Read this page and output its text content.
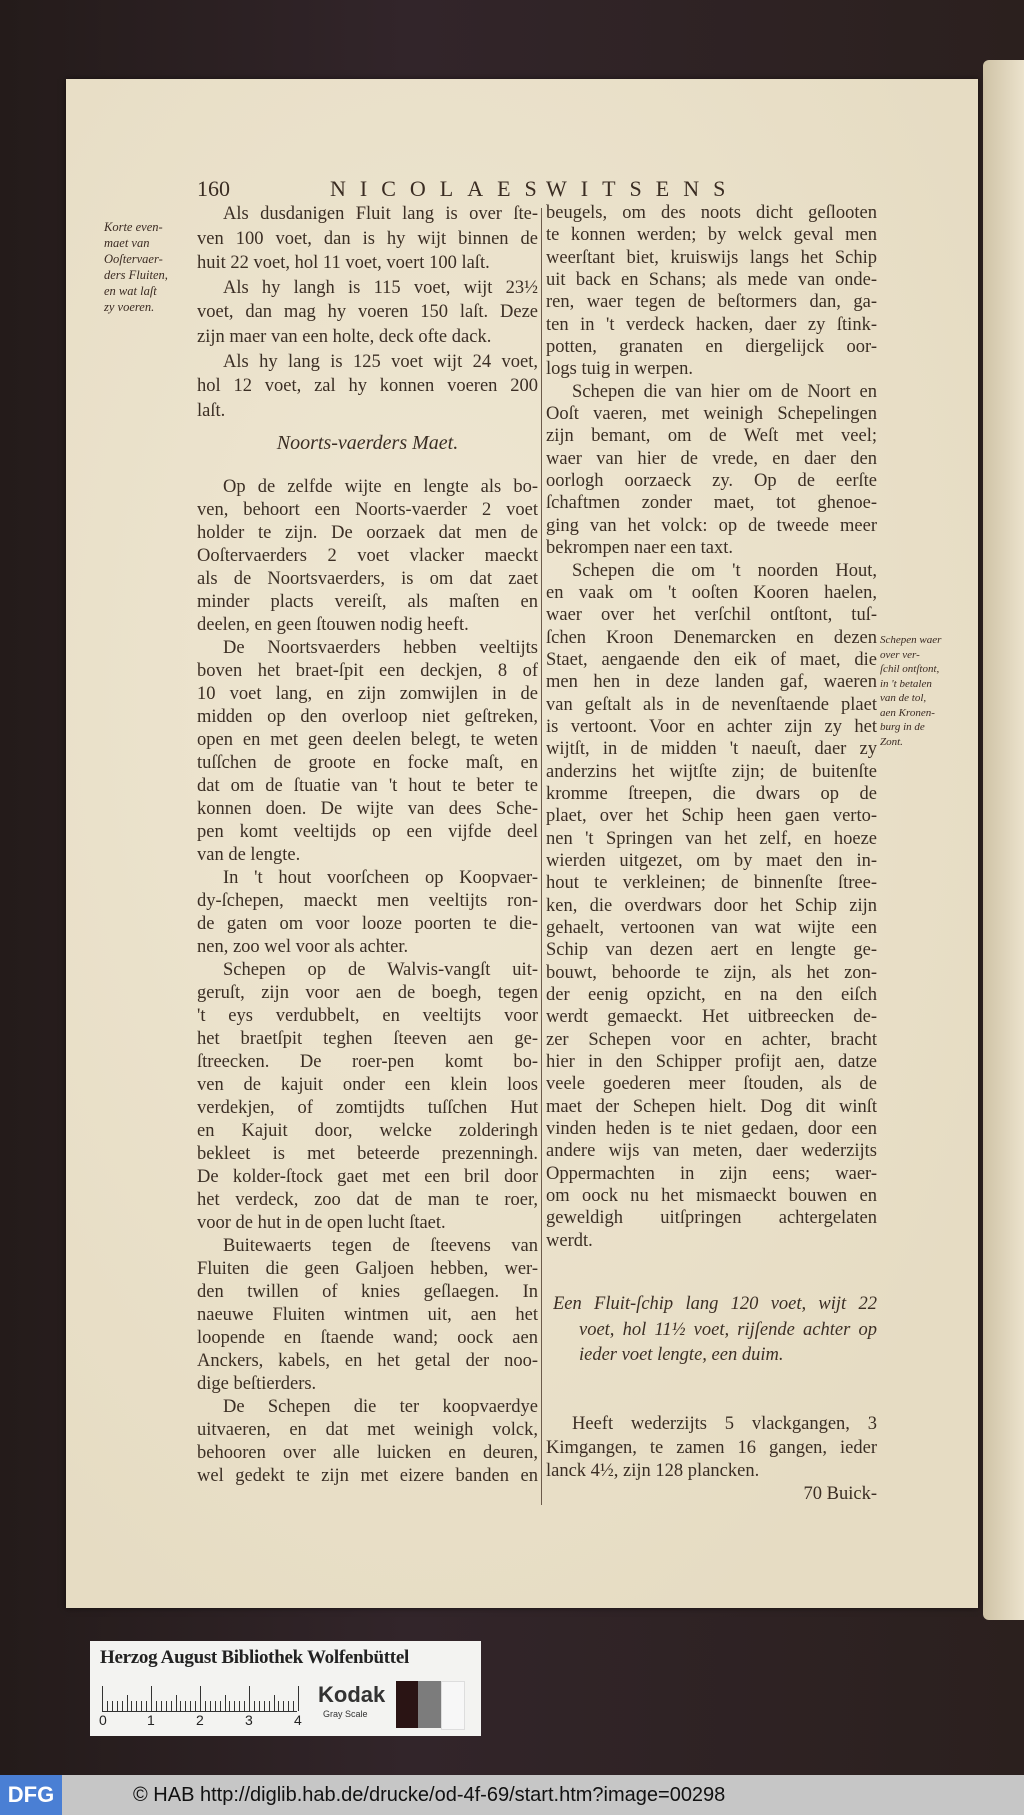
160	NICOLAES
WITSENS
Korte even-
maet van
Ooſtervaer-
ders Fluiten,
en wat laſt
zy voeren.
Schepen waer
over ver-
ſchil ontſtont,
in 't betalen
van de tol,
aen Kronen-
burg in de
Zont.
Als dusdanigen Fluit lang is over ſte-
ven 100 voet, dan is hy wijt binnen de
huit 22 voet, hol 11 voet, voert 100 laſt.
Als hy langh is 115 voet, wijt 23½
voet, dan mag hy voeren 150 laſt. Deze
zijn maer van een holte, deck ofte dack.
Als hy lang is 125 voet wijt 24 voet,
hol 12 voet, zal hy konnen voeren 200
laſt.
Noorts-vaerders Maet.
Op de zelfde wijte en lengte als bo-
ven, behoort een Noorts-vaerder 2 voet
holder te zijn. De oorzaek dat men de
Ooſtervaerders 2 voet vlacker maeckt
als de Noortsvaerders, is om dat zaet
minder placts vereiſt, als maſten en
deelen, en geen ſtouwen nodig heeft.
De Noortsvaerders hebben veeltijts
boven het braet-ſpit een deckjen, 8 of
10 voet lang, en zijn zomwijlen in de
midden op den overloop niet geſtreken,
open en met geen deelen belegt, te weten
tuſſchen de groote en focke maſt, en
dat om de ſtuatie van 't hout te beter te
konnen doen. De wijte van dees Sche-
pen komt veeltijds op een vijfde deel
van de lengte.
In 't hout voorſcheen op Koopvaer-
dy-ſchepen, maeckt men veeltijts ron-
de gaten om voor looze poorten te die-
nen, zoo wel voor als achter.
Schepen op de Walvis-vangſt uit-
geruſt, zijn voor aen de boegh, tegen
't eys verdubbelt, en veeltijts voor
het braetſpit teghen ſteeven aen ge-
ſtreecken. De roer-pen komt bo-
ven de kajuit onder een klein loos
verdekjen, of zomtijdts tuſſchen Hut
en Kajuit door, welcke zolderingh
bekleet is met beteerde prezenningh.
De kolder-ſtock gaet met een bril door
het verdeck, zoo dat de man te roer,
voor de hut in de open lucht ſtaet.
Buitewaerts tegen de ſteevens van
Fluiten die geen Galjoen hebben, wer-
den twillen of knies geſlaegen. In
naeuwe Fluiten wintmen uit, aen het
loopende en ſtaende wand; oock aen
Anckers, kabels, en het getal der noo-
dige beſtierders.
De Schepen die ter koopvaerdye
uitvaeren, en dat met weinigh volck,
behooren over alle luicken en deuren,
wel gedekt te zijn met eizere banden en
beugels, om des noots dicht geſlooten
te konnen werden; by welck geval men
weerſtant biet, kruiswijs langs het Schip
uit back en Schans; als mede van onde-
ren, waer tegen de beſtormers dan, ga-
ten in 't verdeck hacken, daer zy ſtink-
potten, granaten en diergelijck oor-
logs tuig in werpen.
Schepen die van hier om de Noort en
Ooſt vaeren, met weinigh Schepelingen
zijn bemant, om de Weſt met veel;
waer van hier de vrede, en daer den
oorlogh oorzaeck zy. Op de eerſte
ſchaftmen zonder maet, tot ghenoe-
ging van het volck: op de tweede meer
bekrompen naer een taxt.
Schepen die om 't noorden Hout,
en vaak om 't ooſten Kooren haelen,
waer over het verſchil ontſtont, tuſ-
ſchen Kroon Denemarcken en dezen
Staet, aengaende den eik of maet, die
men hen in deze landen gaf, waeren
van geſtalt als in de nevenſtaende plaet
is vertoont. Voor en achter zijn zy het
wijtſt, in de midden 't naeuſt, daer zy
anderzins het wijtſte zijn; de buitenſte
kromme ſtreepen, die dwars op de
plaet, over het Schip heen gaen verto-
nen 't Springen van het zelf, en hoeze
wierden uitgezet, om by maet den in-
hout te verkleinen; de binnenſte ſtree-
ken, die overdwars door het Schip zijn
gehaelt, vertoonen van wat wijte een
Schip van dezen aert en lengte ge-
bouwt, behoorde te zijn, als het zon-
der eenig opzicht, en na den eiſch
werdt gemaeckt. Het uitbreecken de-
zer Schepen voor en achter, bracht
hier in den Schipper profijt aen, datze
veele goederen meer ſtouden, als de
maet der Schepen hielt. Dog dit winſt
vinden heden is te niet gedaen, door een
andere wijs van meten, daer wederzijts
Oppermachten in zijn eens; waer-
om oock nu het mismaeckt bouwen en
geweldigh uitſpringen achtergelaten
werdt.
Een Fluit-ſchip lang 120 voet, wijt 22
voet, hol 11½ voet, rijſende achter op
ieder voet lengte, een duim.
Heeft wederzijts 5 vlackgangen, 3
Kimgangen, te zamen 16 gangen, ieder
lanck 4½, zijn 128 plancken.
70 Buick-
Herzog August Bibliothek Wolfenbüttel
0	1	2	3	4
Kodak
Gray Scale
DFG	© HAB http://diglib.hab.de/drucke/od-4f-69/start.htm?image=00298
